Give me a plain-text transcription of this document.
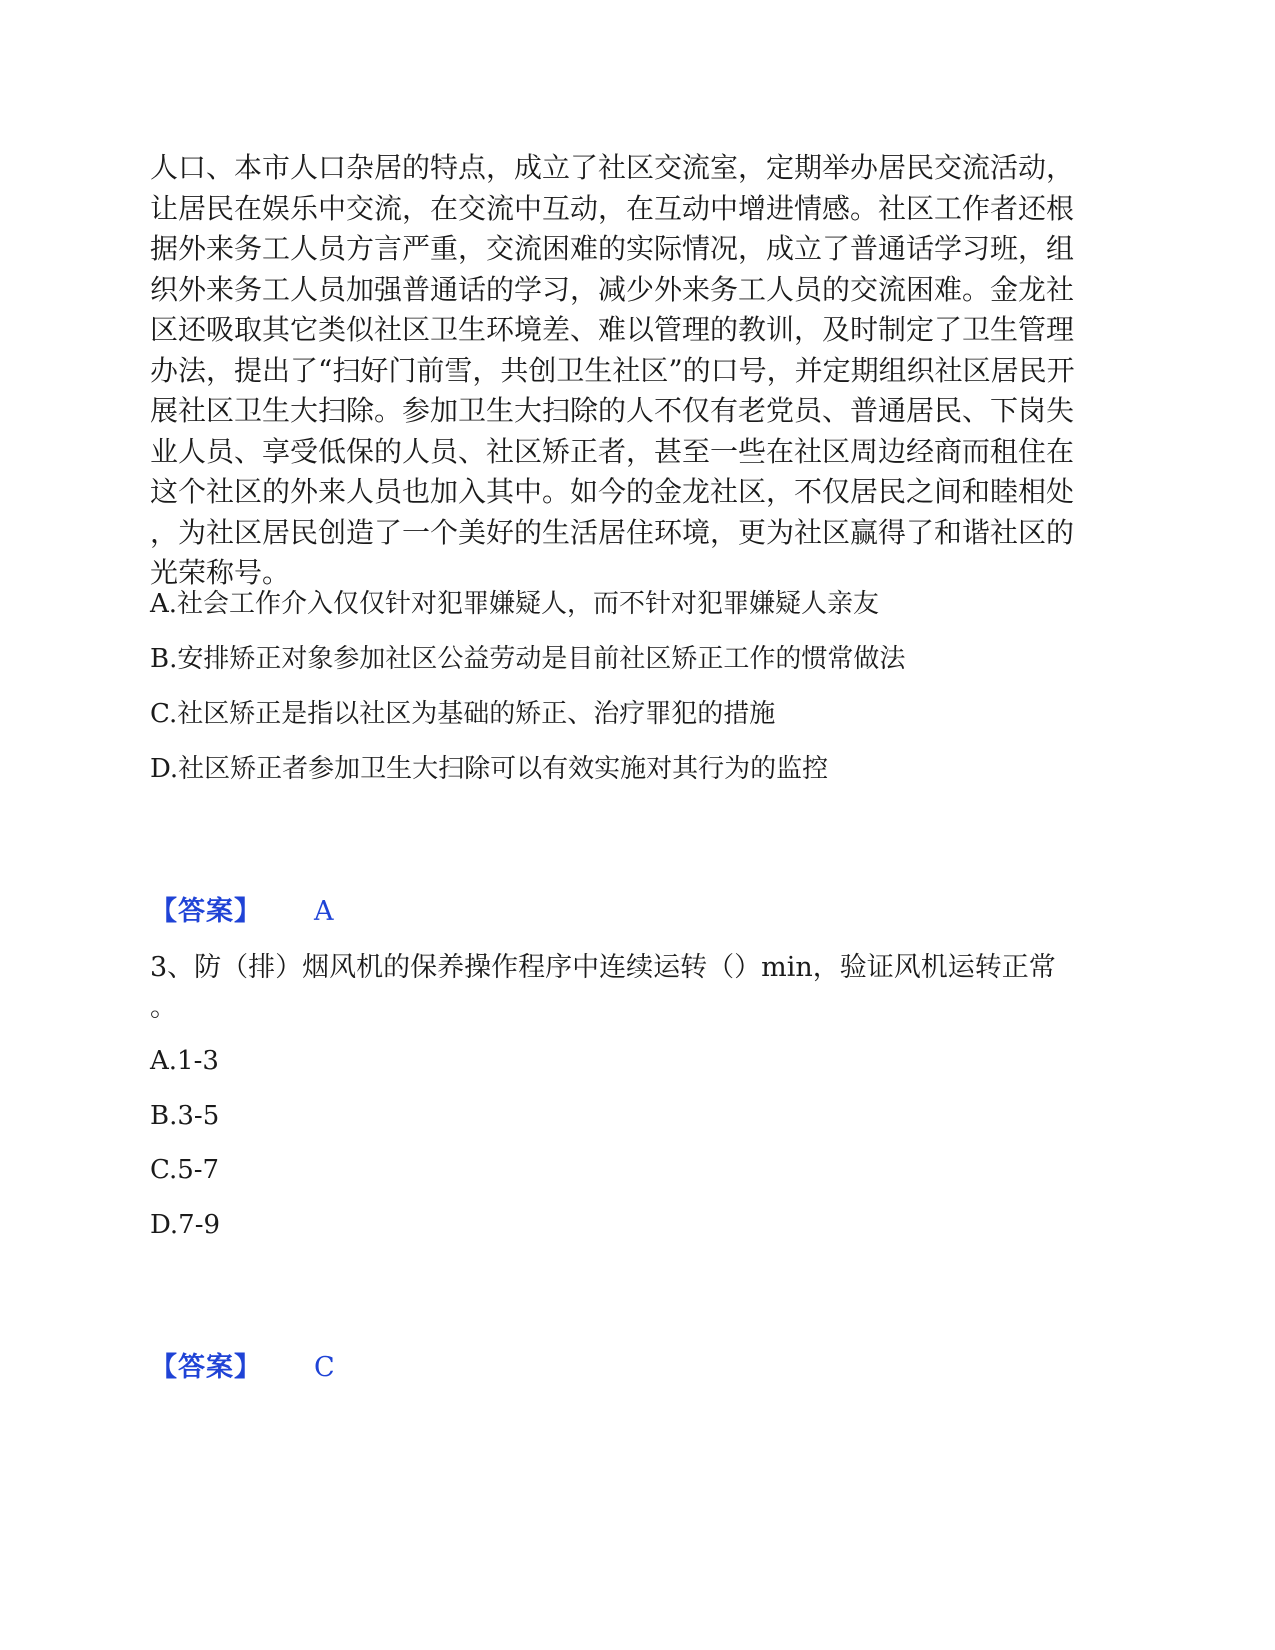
人口、本市人口杂居的特点，成立了社区交流室，定期举办居民交流活动，
让居民在娱乐中交流，在交流中互动，在互动中增进情感。社区工作者还根
据外来务工人员方言严重，交流困难的实际情况，成立了普通话学习班，组
织外来务工人员加强普通话的学习，减少外来务工人员的交流困难。金龙社
区还吸取其它类似社区卫生环境差、难以管理的教训，及时制定了卫生管理
办法，提出了“扫好门前雪，共创卫生社区”的口号，并定期组织社区居民开
展社区卫生大扫除。参加卫生大扫除的人不仅有老党员、普通居民、下岗失
业人员、享受低保的人员、社区矫正者，甚至一些在社区周边经商而租住在
这个社区的外来人员也加入其中。如今的金龙社区，不仅居民之间和睦相处
，为社区居民创造了一个美好的生活居住环境，更为社区赢得了和谐社区的
光荣称号。
A.社会工作介入仅仅针对犯罪嫌疑人，而不针对犯罪嫌疑人亲友
B.安排矫正对象参加社区公益劳动是目前社区矫正工作的惯常做法
C.社区矫正是指以社区为基础的矫正、治疗罪犯的措施
D.社区矫正者参加卫生大扫除可以有效实施对其行为的监控
【答案】 A
3、防（排）烟风机的保养操作程序中连续运转（）min，验证风机运转正常
。
A.1-3
B.3-5
C.5-7
D.7-9
【答案】 C
